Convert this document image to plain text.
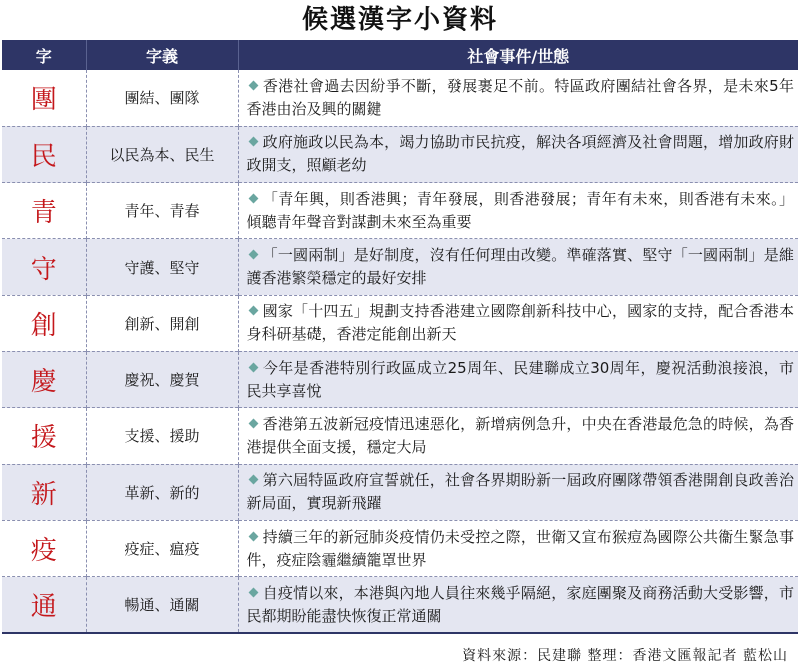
候選漢字小資料
字	字義	社會事件/世態
團	團結、團隊	香港社會過去因紛爭不斷，發展裹足不前。特區政府團結社會各界，是未來5年香港由治及興的關鍵
民	以民為本、民生	政府施政以民為本，竭力協助市民抗疫，解決各項經濟及社會問題，增加政府財政開支，照顧老幼
青	青年、青春	「青年興，則香港興；青年發展，則香港發展；青年有未來，則香港有未來。」傾聽青年聲音對謀劃未來至為重要
守	守護、堅守	「一國兩制」是好制度，沒有任何理由改變。準確落實、堅守「一國兩制」是維護香港繁榮穩定的最好安排
創	創新、開創	國家「十四五」規劃支持香港建立國際創新科技中心，國家的支持，配合香港本身科研基礎，香港定能創出新天
慶	慶祝、慶賀	今年是香港特別行政區成立25周年、民建聯成立30周年，慶祝活動浪接浪，市民共享喜悅
援	支援、援助	香港第五波新冠疫情迅速惡化，新增病例急升，中央在香港最危急的時候，為香港提供全面支援，穩定大局
新	革新、新的	第六屆特區政府宣誓就任，社會各界期盼新一屆政府團隊帶領香港開創良政善治新局面，實現新飛躍
疫	疫症、瘟疫	持續三年的新冠肺炎疫情仍未受控之際，世衛又宣布猴痘為國際公共衞生緊急事件，疫症陰霾繼續籠罩世界
通	暢通、通關	自疫情以來，本港與內地人員往來幾乎隔絕，家庭團聚及商務活動大受影響，市民都期盼能盡快恢復正常通關
資料來源：民建聯 整理：香港文匯報記者 藍松山
